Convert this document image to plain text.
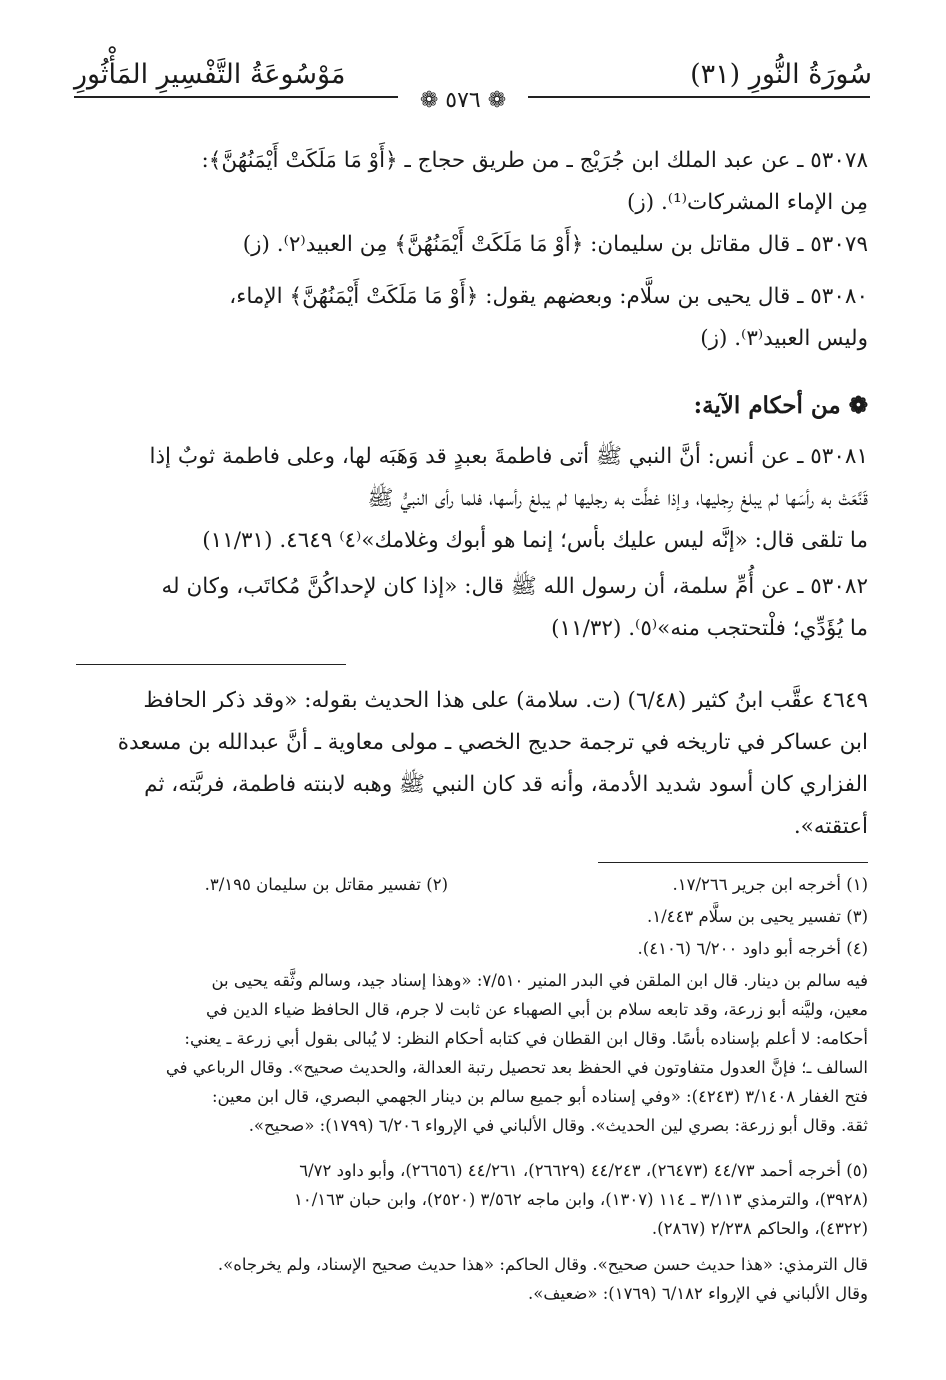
سُورَةُ النُّورِ (٣١)
مَوْسُوعَةُ التَّفْسِيرِ المَأْثُورِ
❁ ٥٧٦ ❁
٥٣٠٧٨ ـ عن عبد الملك ابن جُرَيْج ـ من طريق حجاج ـ ﴿أَوْ مَا مَلَكَتْ أَيْمَنُهُنَّ﴾:
مِن الإماء المشركات⁽¹⁾. (ز)
٥٣٠٧٩ ـ قال مقاتل بن سليمان: ﴿أَوْ مَا مَلَكَتْ أَيْمَنُهُنَّ﴾ مِن العبيد⁽٢⁾. (ز)
٥٣٠٨٠ ـ قال يحيى بن سلَّام: وبعضهم يقول: ﴿أَوْ مَا مَلَكَتْ أَيْمَنُهُنَّ﴾ الإماء،
وليس العبيد⁽٣⁾. (ز)
❁ من أحكام الآية:
٥٣٠٨١ ـ عن أنس: أنَّ النبي ﷺ أتى فاطمةَ بعبدٍ قد وَهَبَه لها، وعلى فاطمة ثوبٌ إذا
قَنَّعَتْ به رأسَها لم يبلغ رِجليها، وإذا غطَّت به رجليها لم يبلغ رأسها، فلما رأى النبيُّ ﷺ
ما تلقى قال: «إنَّه ليس عليك بأس؛ إنما هو أبوك وغلامك»⁽٤⁾ ٤٦٤٩. (١١/٣١)
٥٣٠٨٢ ـ عن أُمِّ سلمة، أن رسول الله ﷺ قال: «إذا كان لإحداكُنَّ مُكاتَب، وكان له
ما يُؤَدِّي؛ فلْتحتجب منه»⁽٥⁾. (١١/٣٢)
٤٦٤٩ عقَّب ابنُ كثير (٦/٤٨) (ت. سلامة) على هذا الحديث بقوله: «وقد ذكر الحافظ
ابن عساكر في تاريخه في ترجمة حديج الخصي ـ مولى معاوية ـ أنَّ عبدالله بن مسعدة
الفزاري كان أسود شديد الأدمة، وأنه قد كان النبي ﷺ وهبه لابنته فاطمة، فربَّته، ثم
أعتقته».
(١) أخرجه ابن جرير ١٧/٢٦٦.
(٢) تفسير مقاتل بن سليمان ٣/١٩٥.
(٣) تفسير يحيى بن سلَّام ١/٤٤٣.
(٤) أخرجه أبو داود ٦/٢٠٠ (٤١٠٦).
فيه سالم بن دينار. قال ابن الملقن في البدر المنير ٧/٥١٠: «وهذا إسناد جيد، وسالم وثَّقه يحيى بن
معين، وليَّنه أبو زرعة، وقد تابعه سلام بن أبي الصهباء عن ثابت لا جرم، قال الحافظ ضياء الدين في
أحكامه: لا أعلم بإسناده بأسًا. وقال ابن القطان في كتابه أحكام النظر: لا يُبالى بقول أبي زرعة ـ يعني:
السالف ـ؛ فإنَّ العدول متفاوتون في الحفظ بعد تحصيل رتبة العدالة، والحديث صحيح». وقال الرباعي في
فتح الغفار ٣/١٤٠٨ (٤٢٤٣): «وفي إسناده أبو جميع سالم بن دينار الجهمي البصري، قال ابن معين:
ثقة. وقال أبو زرعة: بصري لين الحديث». وقال الألباني في الإرواء ٦/٢٠٦ (١٧٩٩): «صحيح».
(٥) أخرجه أحمد ٤٤/٧٣ (٢٦٤٧٣)، ٤٤/٢٤٣ (٢٦٦٢٩)، ٤٤/٢٦١ (٢٦٦٥٦)، وأبو داود ٦/٧٢
(٣٩٢٨)، والترمذي ٣/١١٣ ـ ١١٤ (١٣٠٧)، وابن ماجه ٣/٥٦٢ (٢٥٢٠)، وابن حبان ١٠/١٦٣
(٤٣٢٢)، والحاكم ٢/٢٣٨ (٢٨٦٧).
قال الترمذي: «هذا حديث حسن صحيح». وقال الحاكم: «هذا حديث صحيح الإسناد، ولم يخرجاه».
وقال الألباني في الإرواء ٦/١٨٢ (١٧٦٩): «ضعيف».
